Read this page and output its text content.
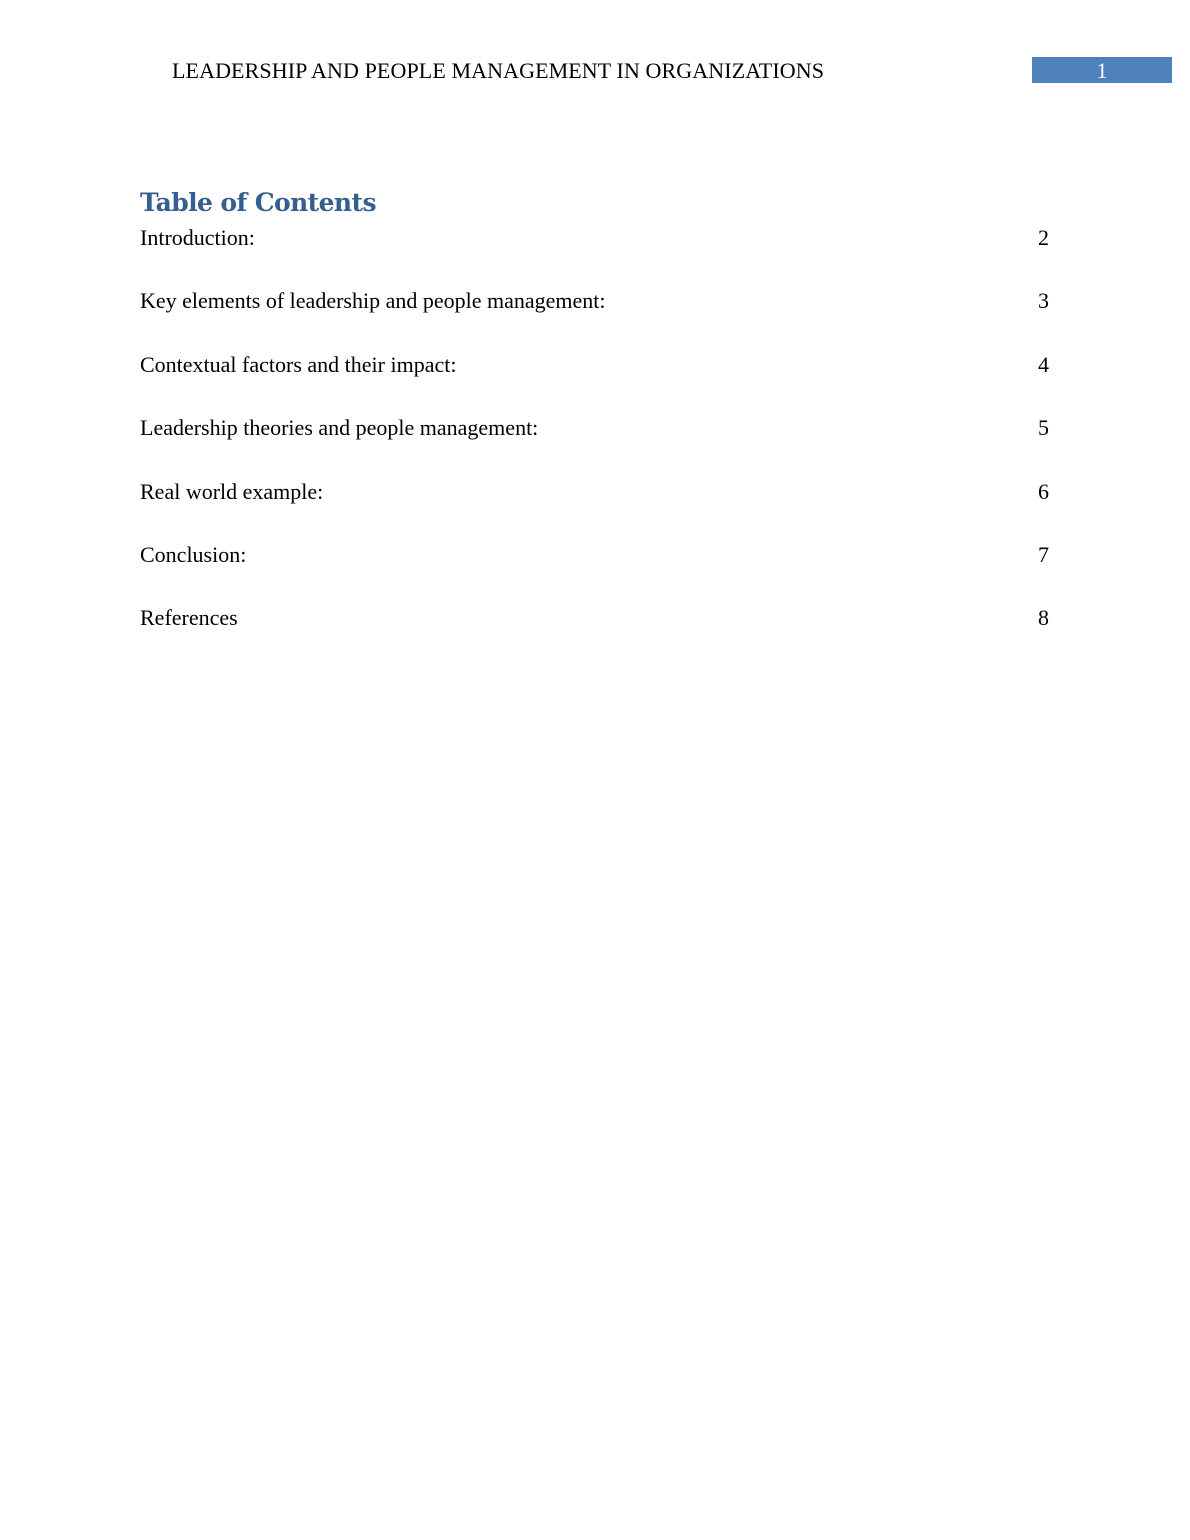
LEADERSHIP AND PEOPLE MANAGEMENT IN ORGANIZATIONS	1
Table of Contents
Introduction:	2
Key elements of leadership and people management:	3
Contextual factors and their impact:	4
Leadership theories and people management:	5
Real world example:	6
Conclusion:	7
References	8
